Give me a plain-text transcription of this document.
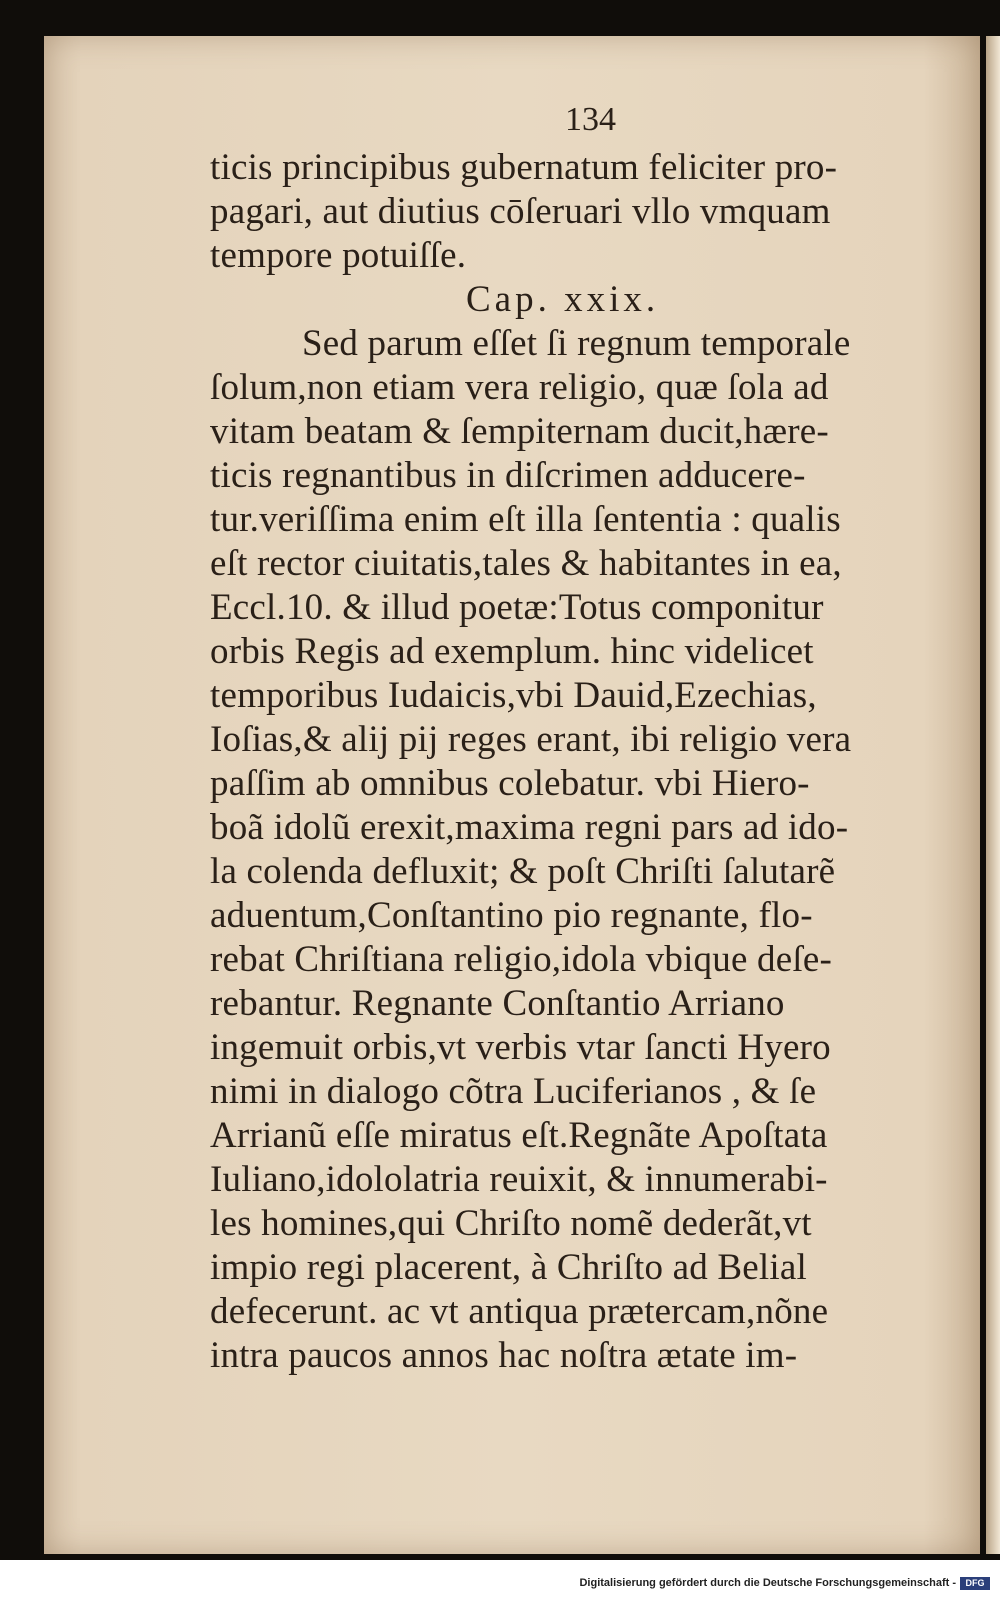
134
ticis principibus gubernatum feliciter pro-
pagari, aut diutius cōſeruari vllo vmquam
tempore potuiſſe.
Cap. xxix.
Sed parum eſſet ſi regnum temporale
ſolum,non etiam vera religio, quæ ſola ad
vitam beatam & ſempiternam ducit,hære-
ticis regnantibus in diſcrimen adducere-
tur.veriſſima enim eſt illa ſententia : qualis
eſt rector ciuitatis,tales & habitantes in ea,
Eccl.10. & illud poetæ:Totus componitur
orbis Regis ad exemplum. hinc videlicet
temporibus Iudaicis,vbi Dauid,Ezechias,
Ioſias,& alij pij reges erant, ibi religio vera
paſſim ab omnibus colebatur. vbi Hiero-
boã idolũ erexit,maxima regni pars ad ido-
la colenda defluxit; & poſt Chriſti ſalutarẽ
aduentum,Conſtantino pio regnante, flo-
rebat Chriſtiana religio,idola vbique deſe-
rebantur. Regnante Conſtantio Arriano
ingemuit orbis,vt verbis vtar ſancti Hyero
nimi in dialogo cõtra Luciferianos , & ſe
Arrianũ eſſe miratus eſt.Regnãte Apoſtata
Iuliano,idololatria reuixit, & innumerabi-
les homines,qui Chriſto nomẽ dederãt,vt
impio regi placerent, à Chriſto ad Belial
defecerunt. ac vt antiqua prætercam,nõne
intra paucos annos hac noſtra ætate im-
Digitalisierung gefördert durch die Deutsche Forschungsgemeinschaft -	DFG
